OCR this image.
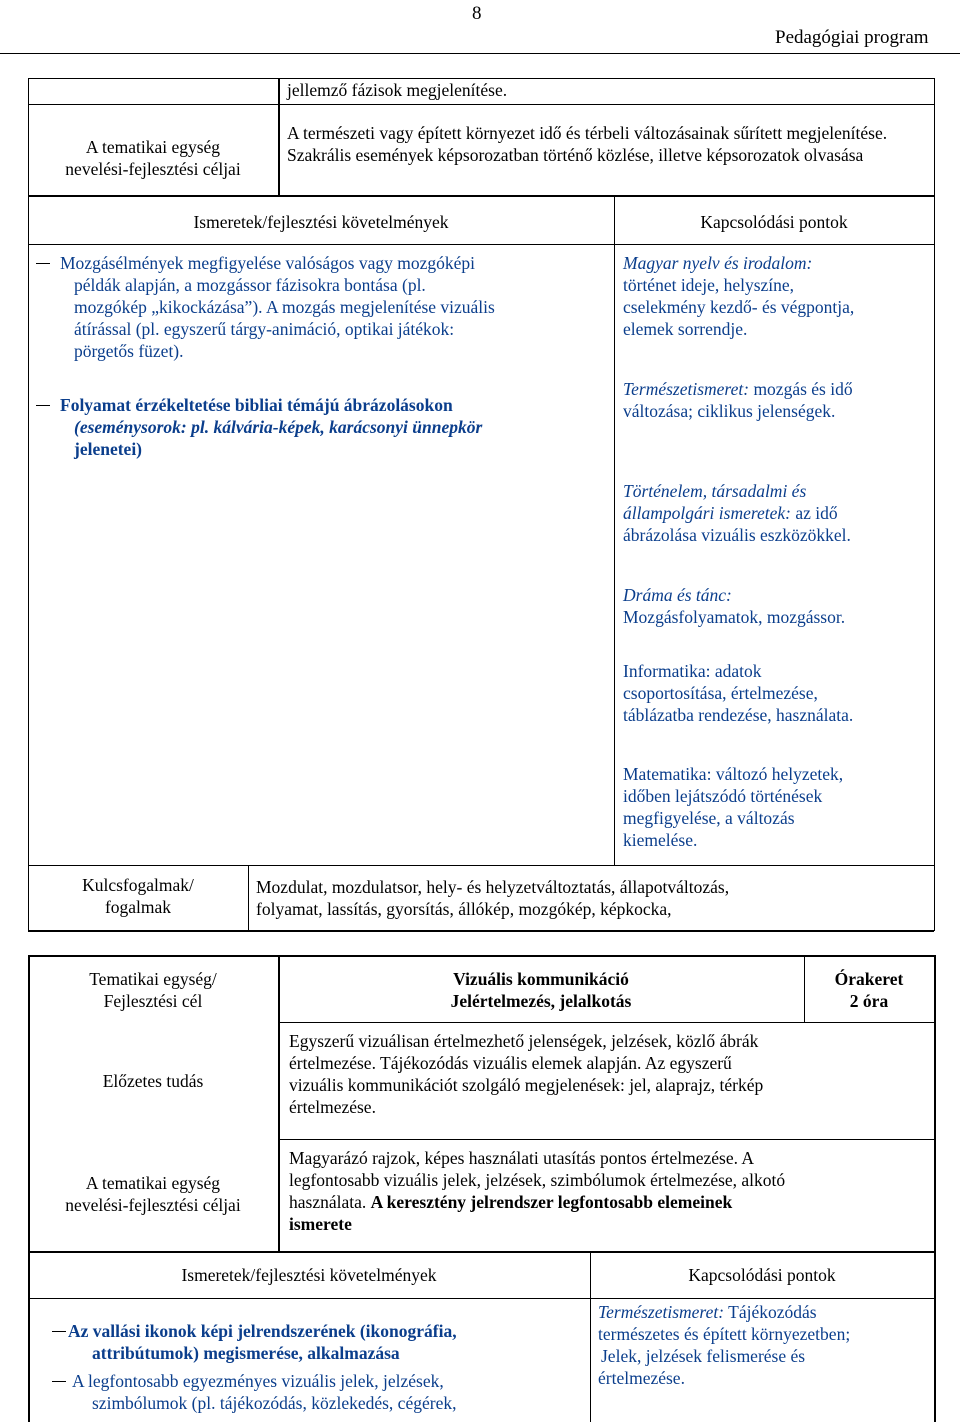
8
Pedagógiai program
jellemző fázisok megjelenítése.

A tematikai egység

nevelési-fejlesztési céljai

A természeti vagy épített környezet idő és térbeli változásainak sűrített megjelenítése. Szakrális események képsorozatban történő közlése, illetve képsorozatok olvasása
Ismeretek/fejlesztési követelmények	Kapcsolódási pontok

Mozgásélmények megfigyelése valóságos vagy mozgóképi

példák alapján, a mozgássor fázisokra bontása (pl.

mozgókép „kikockázása”). A mozgás megjelenítése vizuális

átírással (pl. egyszerű tárgy-animáció, optikai játékok:

pörgetős füzet).

Folyamat érzékeltetése bibliai témájú ábrázolásokon

(eseménysorok: pl. kálvária-képek, karácsonyi ünnepkör

jelenetei)

Magyar nyelv és irodalom:

történet ideje, helyszíne,

cselekmény kezdő- és végpontja,

elemek sorrendje.

Természetismeret: mozgás és idő

változása; ciklikus jelenségek.

Történelem, társadalmi és

állampolgári ismeretek: az idő

ábrázolása vizuális eszközökkel.

Dráma és tánc:

Mozgásfolyamatok, mozgássor.

Informatika: adatok

csoportosítása, értelmezése,

táblázatba rendezése, használata.

Matematika: változó helyzetek,

időben lejátszódó történések

megfigyelése, a változás

kiemelése.

Kulcsfogalmak/

fogalmak

Mozdulat, mozdulatsor, hely- és helyzetváltoztatás, állapotváltozás,

folyamat, lassítás, gyorsítás, állókép, mozgókép, képkocka,

Tematikai egység/

Fejlesztési cél

Vizuális kommunikáció

Jelértelmezés, jelalkotás

Órakeret

2 óra

Előzetes tudás

Egyszerű vizuálisan értelmezhető jelenségek, jelzések, közlő ábrák

értelmezése. Tájékozódás vizuális elemek alapján. Az egyszerű

vizuális kommunikációt szolgáló megjelenések: jel, alaprajz, térkép

értelmezése.

A tematikai egység

nevelési-fejlesztési céljai

Magyarázó rajzok, képes használati utasítás pontos értelmezése. A

legfontosabb vizuális jelek, jelzések, szimbólumok értelmezése, alkotó

használata. A keresztény jelrendszer legfontosabb elemeinek

ismerete

Ismeretek/fejlesztési követelmények	Kapcsolódási pontok

Az vallási ikonok képi jelrendszerének (ikonográfia,

attribútumok) megismerése, alkalmazása

A legfontosabb egyezményes vizuális jelek, jelzések,

szimbólumok (pl. tájékozódás, közlekedés, cégérek,

Természetismeret: Tájékozódás

természetes és épített környezetben;

Jelek, jelzések felismerése és

értelmezése.
